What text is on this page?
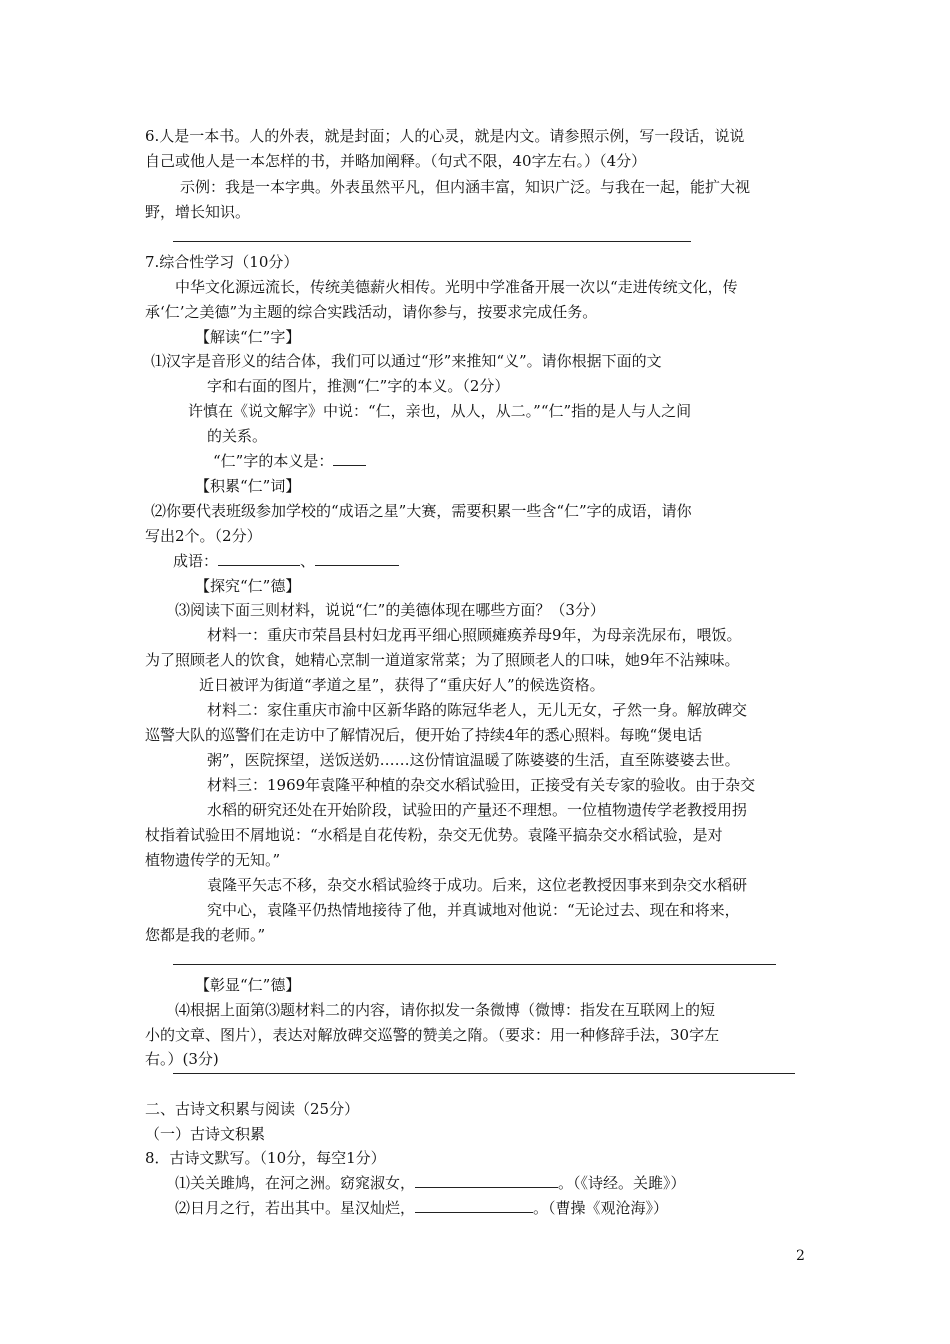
6.人是一本书。人的外表，就是封面；人的心灵，就是内文。请参照示例，写一段话，说说
自己或他人是一本怎样的书，并略加阐释。（句式不限，40字左右。）（4分）
示例：我是一本字典。外表虽然平凡，但内涵丰富，知识广泛。与我在一起，能扩大视
野，增长知识。
7.综合性学习（10分）
中华文化源远流长，传统美德薪火相传。光明中学准备开展一次以“走进传统文化，传
承‘仁’之美德”为主题的综合实践活动，请你参与，按要求完成任务。
【解读“仁”字】
⑴汉字是音形义的结合体，我们可以通过“形”来推知“义”。请你根据下面的文
字和右面的图片，推测“仁”字的本义。（2分）
许慎在《说文解字》中说：“仁，亲也，从人，从二。”“仁”指的是人与人之间
的关系。
“仁”字的本义是：
【积累“仁”词】
⑵你要代表班级参加学校的“成语之星”大赛，需要积累一些含“仁”字的成语，请你
写出2个。（2分）
成语：	、
【探究“仁”德】
⑶阅读下面三则材料，说说“仁”的美德体现在哪些方面？（3分）
材料一：重庆市荣昌县村妇龙再平细心照顾瘫痪养母9年，为母亲洗尿布，喂饭。
为了照顾老人的饮食，她精心烹制一道道家常菜；为了照顾老人的口味，她9年不沾辣味。
近日被评为街道“孝道之星”，获得了“重庆好人”的候选资格。
材料二：家住重庆市渝中区新华路的陈冠华老人，无儿无女，孑然一身。解放碑交
巡警大队的巡警们在走访中了解情况后，便开始了持续4年的悉心照料。每晚“煲电话
粥”，医院探望，送饭送奶……这份情谊温暖了陈婆婆的生活，直至陈婆婆去世。
材料三：1969年袁隆平种植的杂交水稻试验田，正接受有关专家的验收。由于杂交
水稻的研究还处在开始阶段，试验田的产量还不理想。一位植物遗传学老教授用拐
杖指着试验田不屑地说：“水稻是自花传粉，杂交无优势。袁隆平搞杂交水稻试验，是对
植物遗传学的无知。”
袁隆平矢志不移，杂交水稻试验终于成功。后来，这位老教授因事来到杂交水稻研
究中心，袁隆平仍热情地接待了他，并真诚地对他说：“无论过去、现在和将来，
您都是我的老师。”
【彰显“仁”德】
⑷根据上面第⑶题材料二的内容，请你拟发一条微博（微博：指发在互联网上的短
小的文章、图片），表达对解放碑交巡警的赞美之隋。（要求：用一种修辞手法，30字左
右。）(3分)
二、古诗文积累与阅读（25分）
（一）古诗文积累
8．古诗文默写。（10分，每空1分）
⑴关关雎鸠，在河之洲。窈窕淑女，	。（《诗经。关雎》）
⑵日月之行，若出其中。星汉灿烂，	。（曹操《观沧海》）
2
